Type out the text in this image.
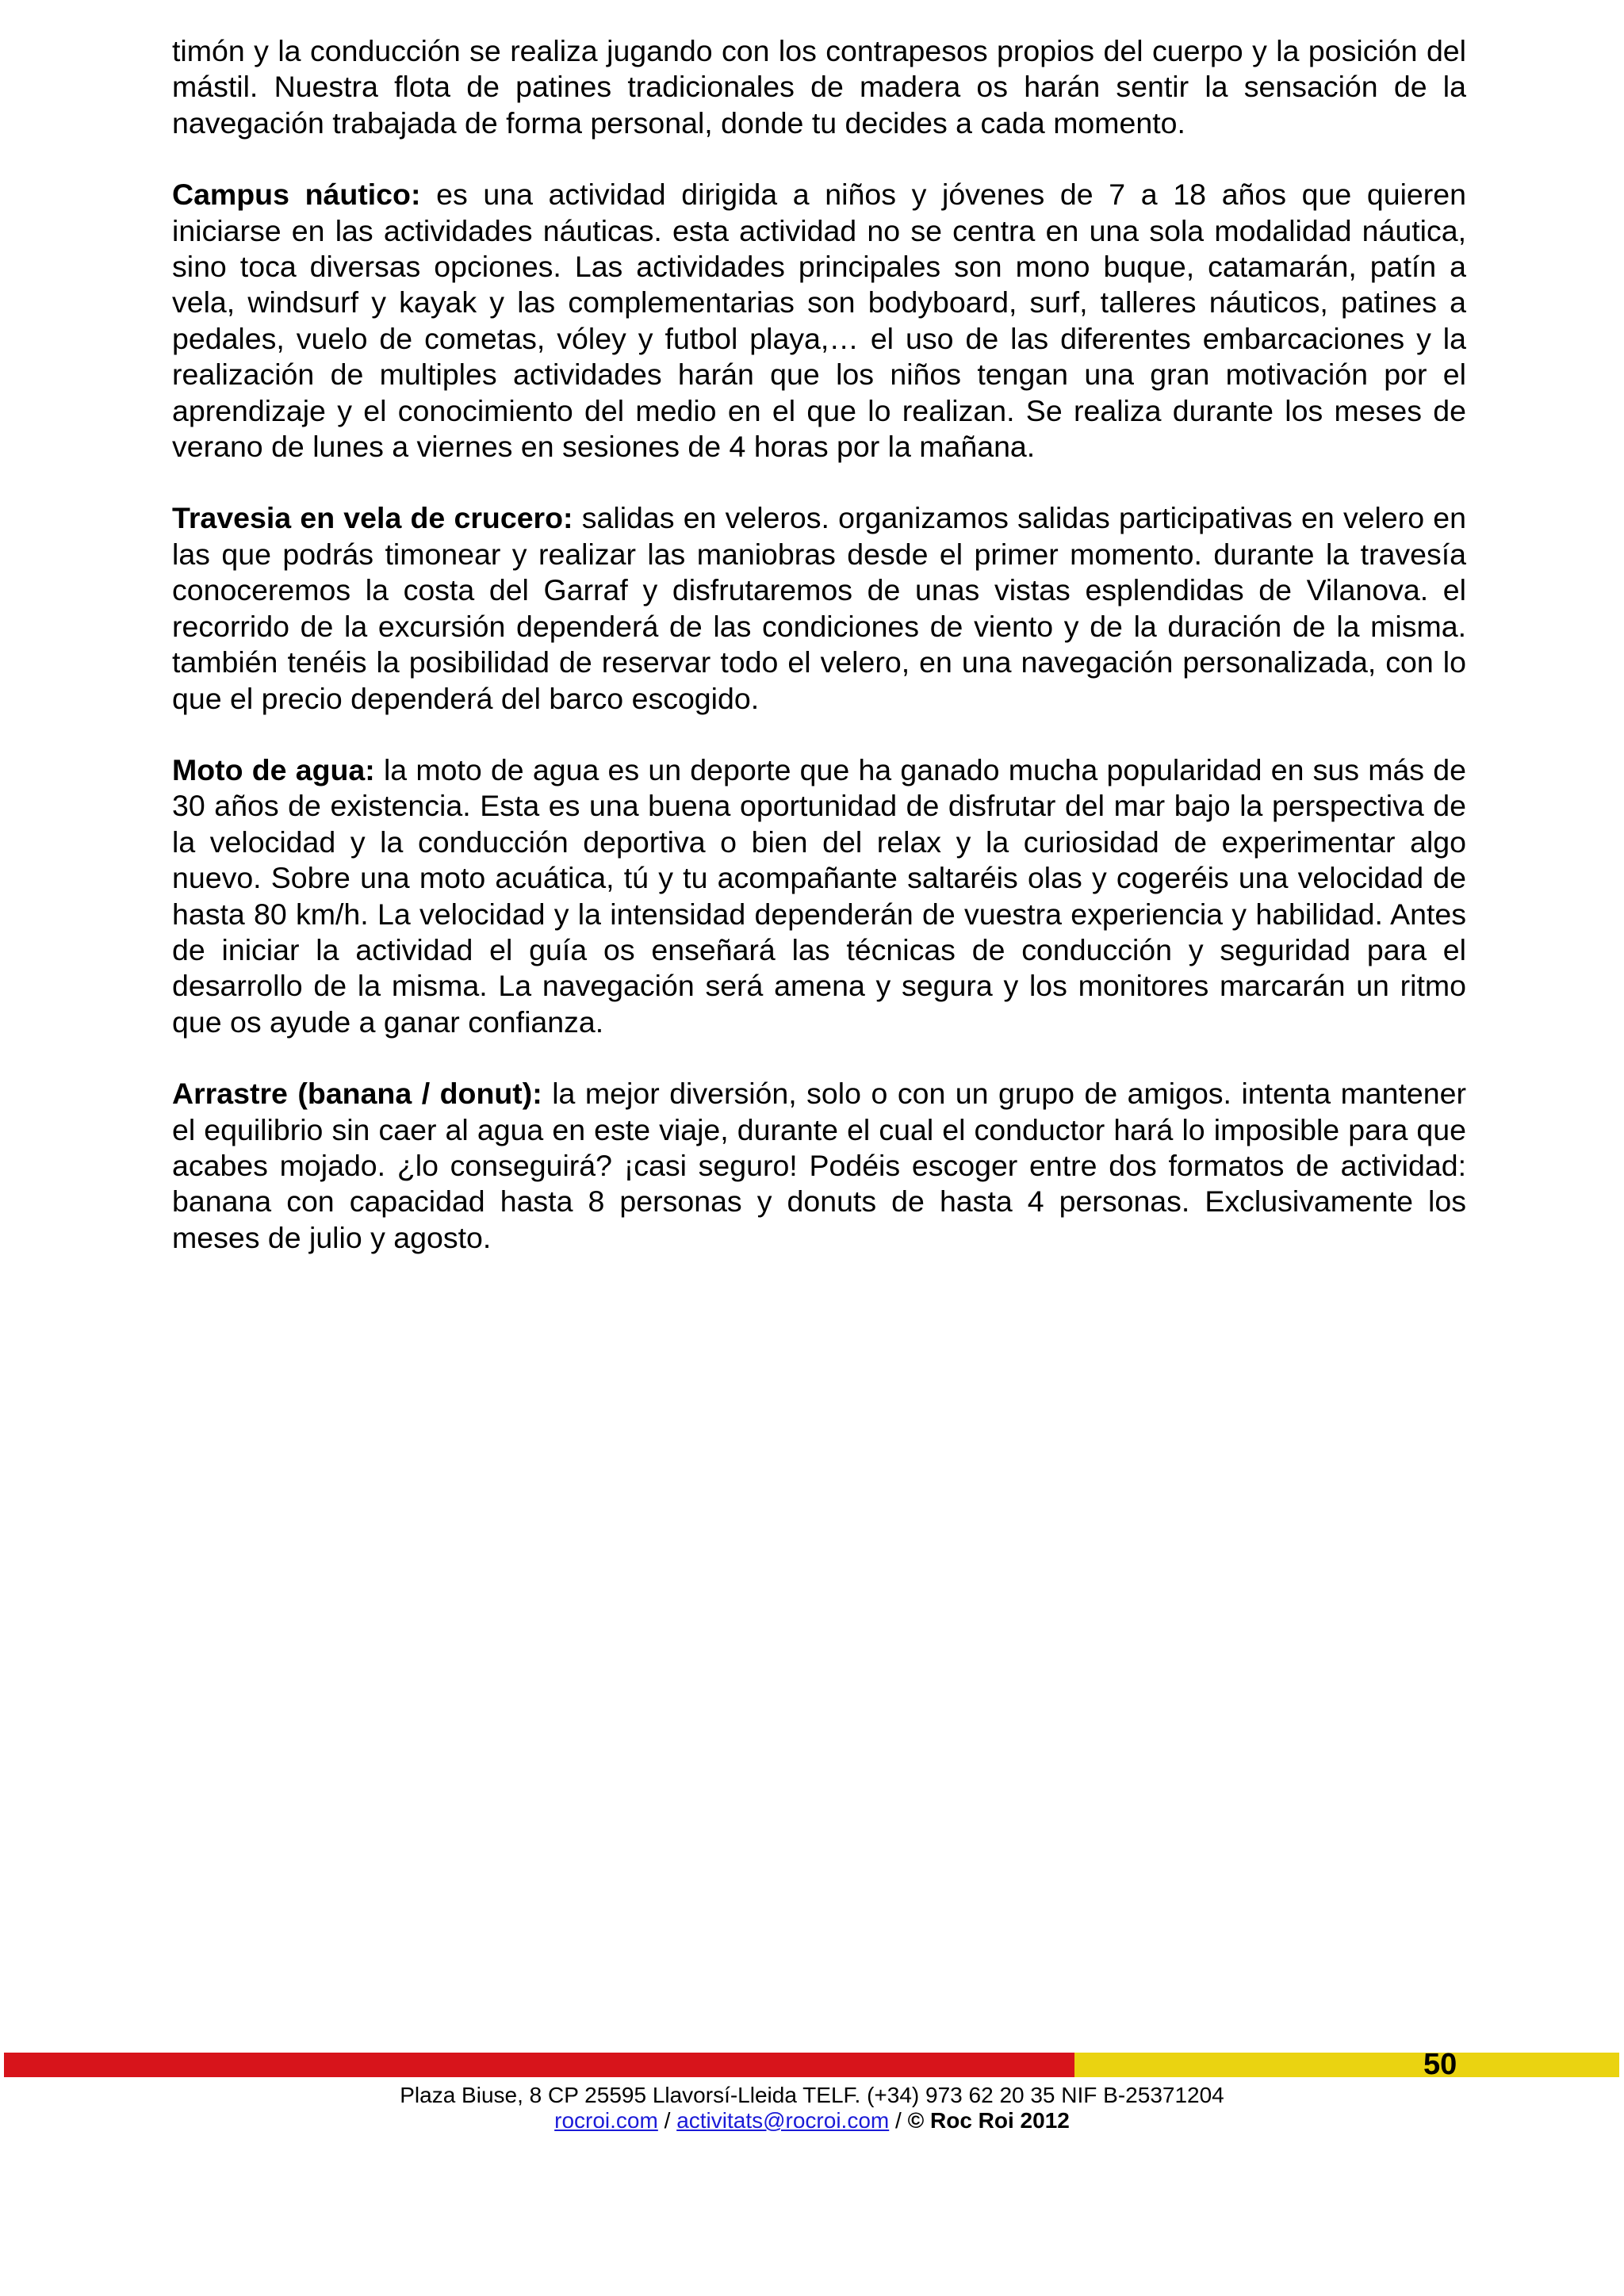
timón y la conducción se realiza jugando con los contrapesos propios del cuerpo y la posición del mástil. Nuestra flota de patines tradicionales de madera os harán sentir la sensación de la navegación trabajada de forma personal, donde tu decides a cada momento.

Campus náutico: es una actividad dirigida a niños y jóvenes de 7 a 18 años que quieren iniciarse en las actividades náuticas. esta actividad no se centra en una sola modalidad náutica, sino toca diversas opciones. Las actividades principales son mono buque, catamarán, patín a vela, windsurf y kayak y las complementarias son bodyboard, surf, talleres náuticos, patines a pedales, vuelo de cometas, vóley y futbol playa,… el uso de las diferentes embarcaciones y la realización de multiples actividades harán que los niños tengan una gran motivación por el aprendizaje y el conocimiento del medio en el que lo realizan. Se realiza durante los meses de verano de lunes a viernes en sesiones de 4 horas por la mañana.

Travesia en vela de crucero: salidas en veleros. organizamos salidas participativas en velero en las que podrás timonear y realizar las maniobras desde el primer momento. durante la travesía conoceremos la costa del Garraf y disfrutaremos de unas vistas esplendidas de Vilanova. el recorrido de la excursión dependerá de las condiciones de viento y de la duración de la misma. también tenéis la posibilidad de reservar todo el velero, en una navegación personalizada, con lo que el precio dependerá del barco escogido.

Moto de agua: la moto de agua es un deporte que ha ganado mucha popularidad en sus más de 30 años de existencia. Esta es una buena oportunidad de disfrutar del mar bajo la perspectiva de la velocidad y la conducción deportiva o bien del relax y la curiosidad de experimentar algo nuevo. Sobre una moto acuática, tú y tu acompañante saltaréis olas y cogeréis una velocidad de hasta 80 km/h. La velocidad y la intensidad dependerán de vuestra experiencia y habilidad. Antes de iniciar la actividad el guía os enseñará las técnicas de conducción y seguridad para el desarrollo de la misma. La navegación será amena y segura y los monitores marcarán un ritmo que os ayude a ganar confianza.

Arrastre (banana / donut): la mejor diversión, solo o con un grupo de amigos. intenta mantener el equilibrio sin caer al agua en este viaje, durante el cual el conductor hará lo imposible para que acabes mojado. ¿lo conseguirá? ¡casi seguro! Podéis escoger entre dos formatos de actividad: banana con capacidad hasta 8 personas y donuts de hasta 4 personas. Exclusivamente los meses de julio y agosto.

50
Plaza Biuse, 8 CP 25595 Llavorsí-Lleida TELF. (+34) 973 62 20 35 NIF B-25371204
rocroi.com / activitats@rocroi.com / © Roc Roi 2012
